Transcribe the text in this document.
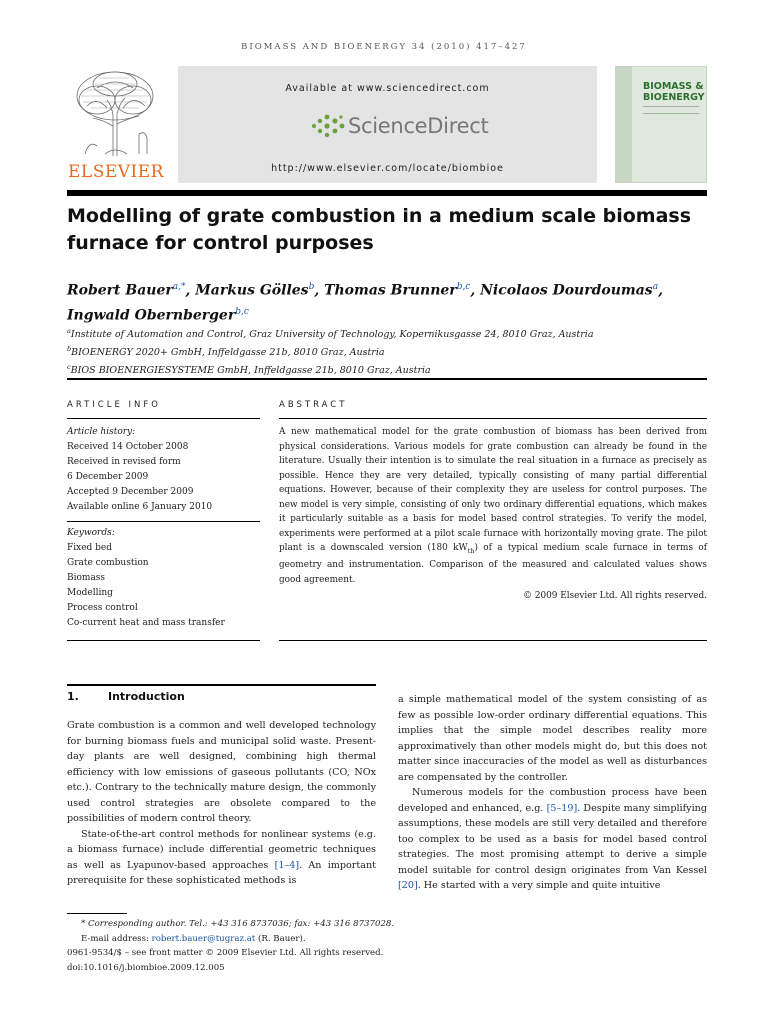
BIOMASS AND BIOENERGY 34 (2010) 417–427
ELSEVIER
Available at www.sciencedirect.com
ScienceDirect
http://www.elsevier.com/locate/biombioe
BIOMASS &
BIOENERGY
Modelling of grate combustion in a medium scale biomass furnace for control purposes
Robert Bauer$^{a,*}$, Markus Gölles$^b$, Thomas Brunner$^{b,c}$, Nicolaos Dourdoumas$^a$,
Ingwald Obernberger$^{b,c}$
$^a$Institute of Automation and Control, Graz University of Technology, Kopernikusgasse 24, 8010 Graz, Austria
$^b$BIOENERGY 2020+ GmbH, Inffeldgasse 21b, 8010 Graz, Austria
$^c$BIOS BIOENERGIESYSTEME GmbH, Inffeldgasse 21b, 8010 Graz, Austria
ARTICLE INFO	ABSTRACT
Article history:
Received 14 October 2008
Received in revised form
6 December 2009
Accepted 9 December 2009
Available online 6 January 2010
Keywords:
Fixed bed
Grate combustion
Biomass
Modelling
Process control
Co-current heat and mass transfer
A new mathematical model for the grate combustion of biomass has been derived from physical considerations. Various models for grate combustion can already be found in the literature. Usually their intention is to simulate the real situation in a furnace as precisely as possible. Hence they are very detailed, typically consisting of many partial differential equations. However, because of their complexity they are useless for control purposes. The new model is very simple, consisting of only two ordinary differential equations, which makes it particularly suitable as a basis for model based control strategies. To verify the model, experiments were performed at a pilot scale furnace with horizontally moving grate. The pilot plant is a downscaled version (180 $kW_{th}$) of a typical medium scale furnace in terms of geometry and instrumentation. Comparison of the measured and calculated values shows good agreement.
© 2009 Elsevier Ltd. All rights reserved.
1.	Introduction

Grate combustion is a common and well developed technology for burning biomass fuels and municipal solid waste. Present-day plants are well designed, combining high thermal efficiency with low emissions of gaseous pollutants (CO, NOx etc.). Contrary to the technically mature design, the commonly used control strategies are obsolete compared to the possibilities of modern control theory.

State-of-the-art control methods for nonlinear systems (e.g. a biomass furnace) include differential geometric techniques as well as Lyapunov-based approaches [1–4]. An important prerequisite for these sophisticated methods is

a simple mathematical model of the system consisting of as few as possible low-order ordinary differential equations. This implies that the simple model describes reality more approximatively than other models might do, but this does not matter since inaccuracies of the model as well as disturbances are compensated by the controller.

Numerous models for the combustion process have been developed and enhanced, e.g. [5–19]. Despite many simplifying assumptions, these models are still very detailed and therefore too complex to be used as a basis for model based control strategies. The most promising attempt to derive a simple model suitable for control design originates from Van Kessel [20]. He started with a very simple and quite intuitive

* Corresponding author. Tel.: +43 316 8737036; fax: +43 316 8737028.
E-mail address: robert.bauer@tugraz.at (R. Bauer).
0961-9534/$ – see front matter © 2009 Elsevier Ltd. All rights reserved.
doi:10.1016/j.biombioe.2009.12.005
